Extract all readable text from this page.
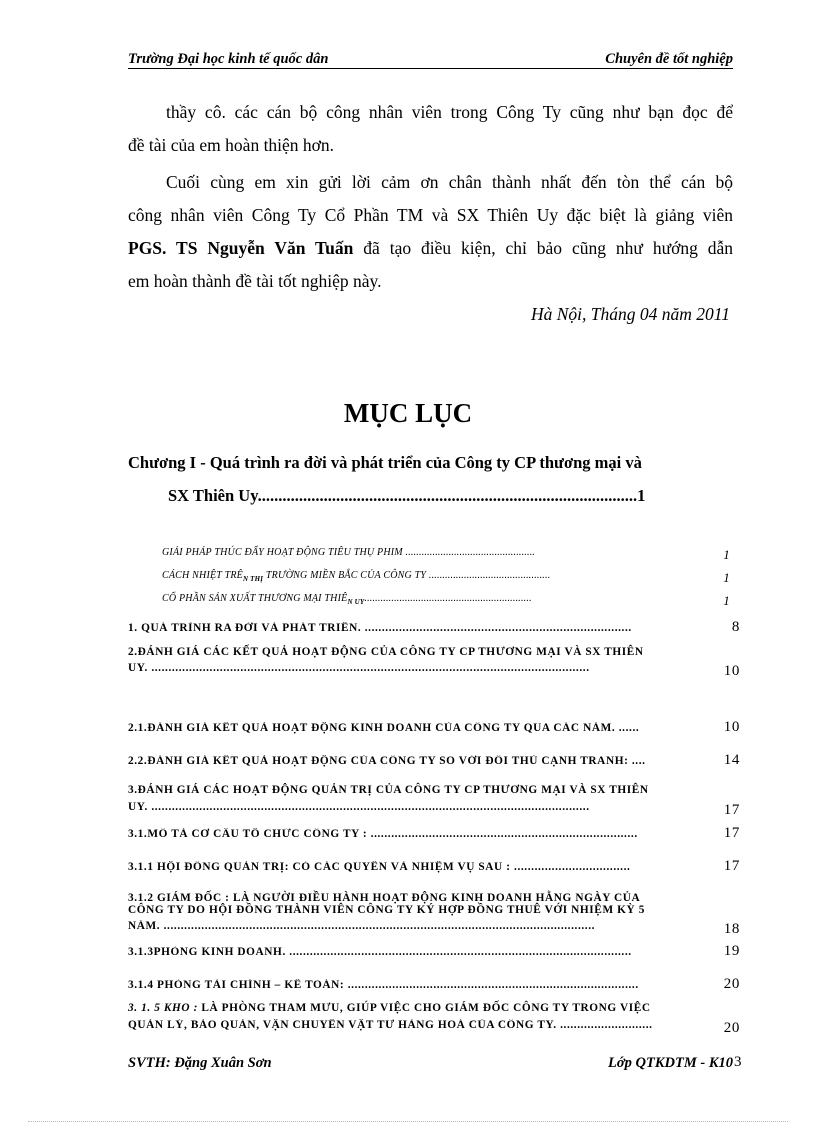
Trường Đại học kinh tế quốc dân	Chuyên đề tốt nghiệp
thầy cô. các cán bộ công nhân viên trong Công Ty cũng như bạn đọc để
đề tài của em hoàn thiện hơn.
Cuối cùng em xin gửi lời cảm ơn chân thành nhất đến tòn thể cán bộ
công nhân viên Công Ty Cổ Phần TM và SX Thiên Uy đặc biệt là giảng viên
PGS. TS Nguyễn Văn Tuấn đã tạo điều kiện, chỉ bảo cũng như hướng dẫn
em hoàn thành đề tài tốt nghiệp này.
Hà Nội, Tháng 04 năm 2011
MỤC LỤC
Chương I - Quá trình ra đời và phát triển của Công ty CP thương mại và
SX Thiên Uy............................................................................................1
GIẢI PHÁP THÚC ĐẨY HOẠT ĐỘNG TIÊU THỤ PHIM ................................................	1
CÁCH NHIỆT $TRÊ_{N THỊ}$ TRƯỜNG MIỀN BẮC CỦA CÔNG TY .............................................	1
CỔ PHẦN SẢN XUẤT THƯƠNG MẠI $THIÊ_{N UY}$..............................................................	1
1. QUÁ TRÌNH RA ĐỜI VÀ PHÁT TRIỂN. ..............................................................................	8
2.ĐÁNH GIÁ CÁC KẾT QUẢ HOẠT ĐỘNG CỦA CÔNG TY CP THƯƠNG MẠI VÀ SX THIÊN
UY. ................................................................................................................................	10
2.1.ĐÁNH GIÁ KẾT QUẢ HOẠT ĐỘNG KINH DOANH CỦA CÔNG TY QUA CÁC NĂM. ......	10
2.2.ĐÁNH GIÁ KẾT QUẢ HOẠT ĐỘNG CỦA CÔNG TY SO VỚI ĐỐI THỦ CẠNH TRANH: ....	14
3.ĐÁNH GIÁ CÁC HOẠT ĐỘNG QUẢN TRỊ CỦA CÔNG TY CP THƯƠNG MẠI VÀ SX THIÊN
UY. ................................................................................................................................	17
3.1.MÔ TẢ CƠ CẤU TỔ CHỨC CÔNG TY : ..............................................................................	17
3.1.1 HỘI ĐỒNG QUẢN TRỊ: CÓ CÁC QUYỀN VÀ NHIỆM VỤ SAU : ..................................	17
3.1.2 GIÁM ĐỐC : LÀ NGƯỜI ĐIỀU HÀNH HOẠT ĐỘNG KINH DOANH HẰNG NGÀY CỦA
CÔNG TY DO HỘI ĐỒNG THÀNH VIÊN CÔNG TY KÝ HỢP ĐỒNG THUÊ VỚI NHIỆM KỲ 5
NĂM. ..............................................................................................................................	18
3.1.3PHÒNG KINH DOANH. ....................................................................................................	19
3.1.4 PHÒNG TÀI CHÍNH – KẾ TOÁN: .....................................................................................	20
3. 1. 5 KHO : LÀ PHÒNG THAM MƯU, GIÚP VIỆC CHO GIÁM ĐỐC CÔNG TY TRONG VIỆC
QUẢN LÝ, BẢO QUẢN, VẬN CHUYỂN VẬT TƯ HÀNG HOÁ CỦA CÔNG TY. ...........................	20
SVTH: Đặng Xuân Sơn	Lớp QTKDTM - K10 3
